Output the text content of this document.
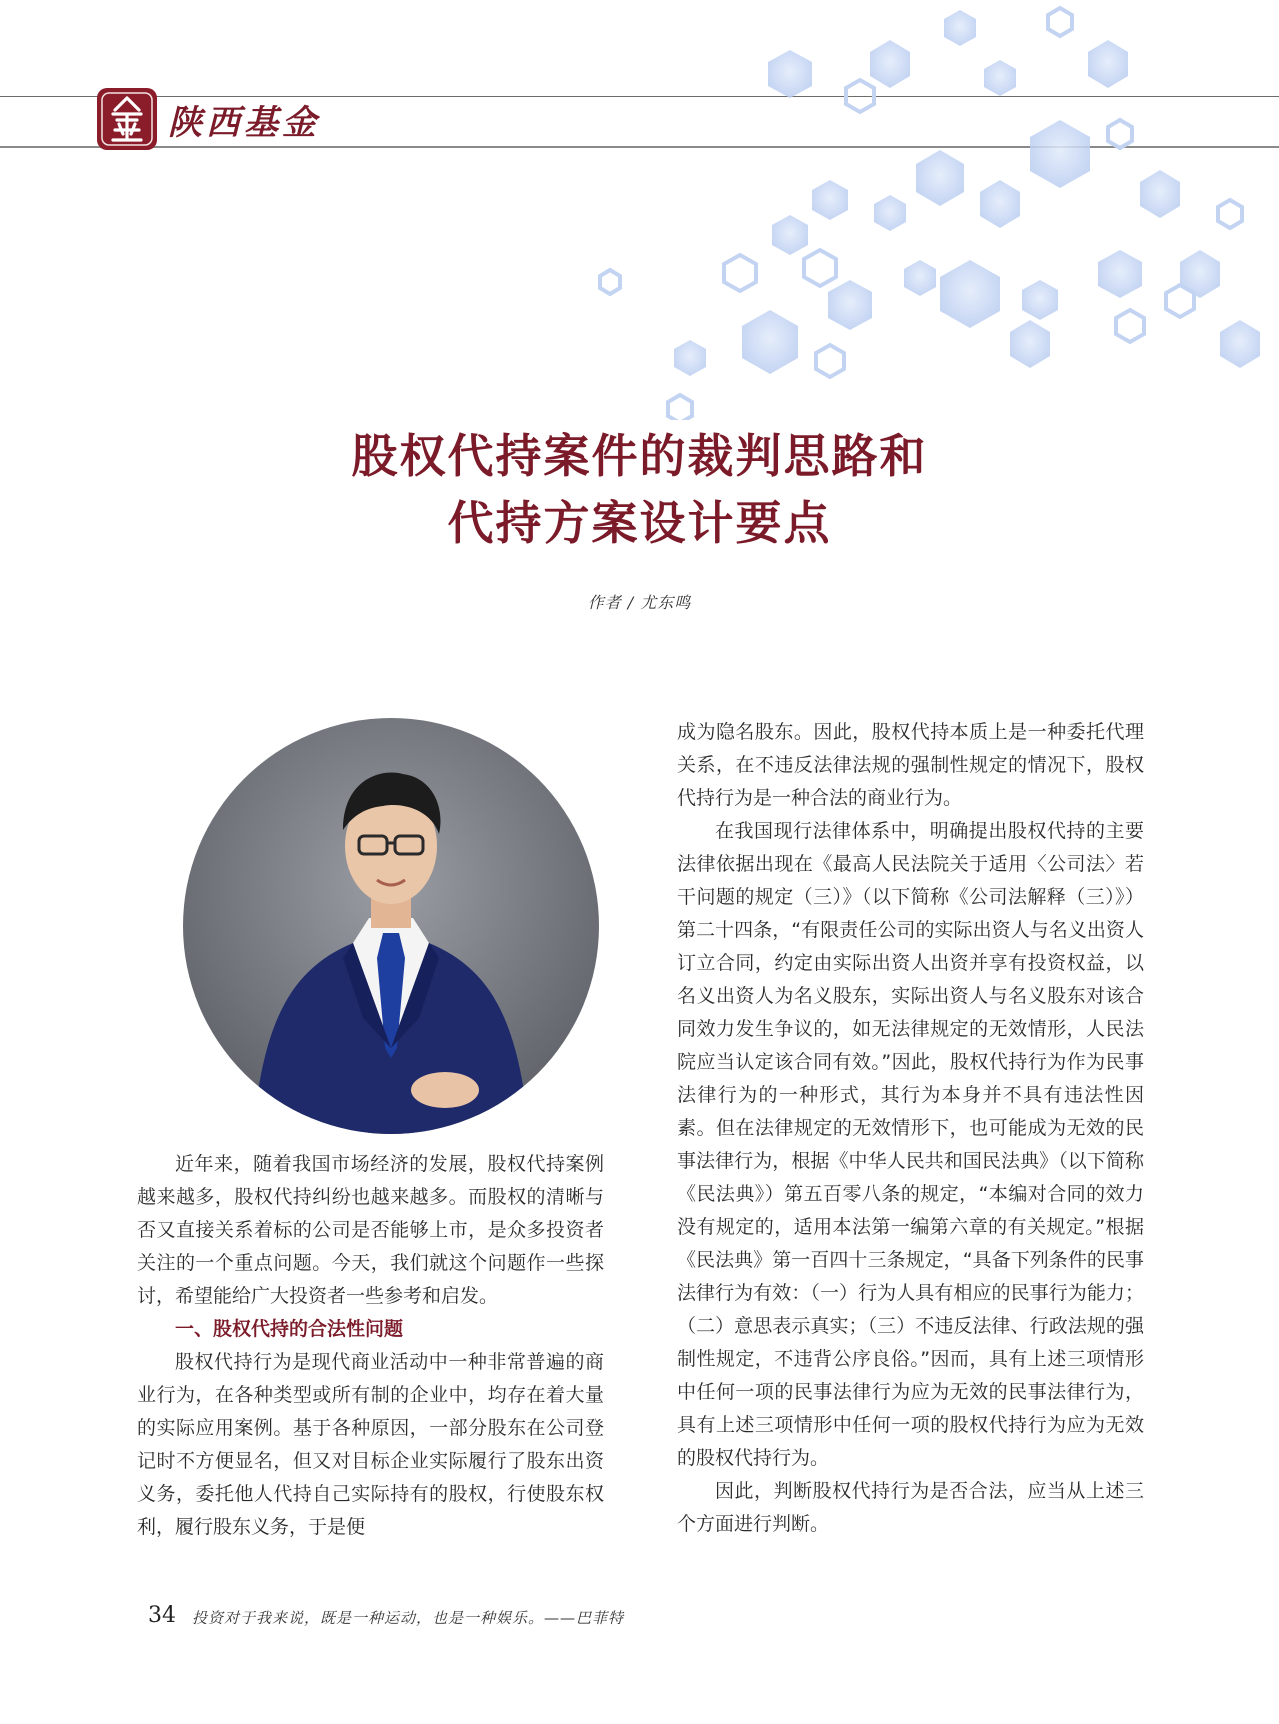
陕西基金
股权代持案件的裁判思路和
代持方案设计要点
作者 / 尤东鸣

近年来，随着我国市场经济的发展，股权代持案例越来越多，股权代持纠纷也越来越多。而股权的清晰与否又直接关系着标的公司是否能够上市，是众多投资者关注的一个重点问题。今天，我们就这个问题作一些探讨，希望能给广大投资者一些参考和启发。

一、股权代持的合法性问题

股权代持行为是现代商业活动中一种非常普遍的商业行为，在各种类型或所有制的企业中，均存在着大量的实际应用案例。基于各种原因，一部分股东在公司登记时不方便显名，但又对目标企业实际履行了股东出资义务，委托他人代持自己实际持有的股权，行使股东权利，履行股东义务，于是便

成为隐名股东。因此，股权代持本质上是一种委托代理关系，在不违反法律法规的强制性规定的情况下，股权代持行为是一种合法的商业行为。

在我国现行法律体系中，明确提出股权代持的主要法律依据出现在《最高人民法院关于适用〈公司法〉若干问题的规定（三）》（以下简称《公司法解释（三）》）第二十四条，“有限责任公司的实际出资人与名义出资人订立合同，约定由实际出资人出资并享有投资权益，以名义出资人为名义股东，实际出资人与名义股东对该合同效力发生争议的，如无法律规定的无效情形，人民法院应当认定该合同有效。”因此，股权代持行为作为民事法律行为的一种形式，其行为本身并不具有违法性因素。但在法律规定的无效情形下，也可能成为无效的民事法律行为，根据《中华人民共和国民法典》（以下简称《民法典》）第五百零八条的规定，“本编对合同的效力没有规定的，适用本法第一编第六章的有关规定。”根据《民法典》第一百四十三条规定，“具备下列条件的民事法律行为有效：（一）行为人具有相应的民事行为能力；（二）意思表示真实；（三）不违反法律、行政法规的强制性规定，不违背公序良俗。”因而，具有上述三项情形中任何一项的民事法律行为应为无效的民事法律行为，具有上述三项情形中任何一项的股权代持行为应为无效的股权代持行为。

因此，判断股权代持行为是否合法，应当从上述三个方面进行判断。

34 投资对于我来说，既是一种运动，也是一种娱乐。——巴菲特
